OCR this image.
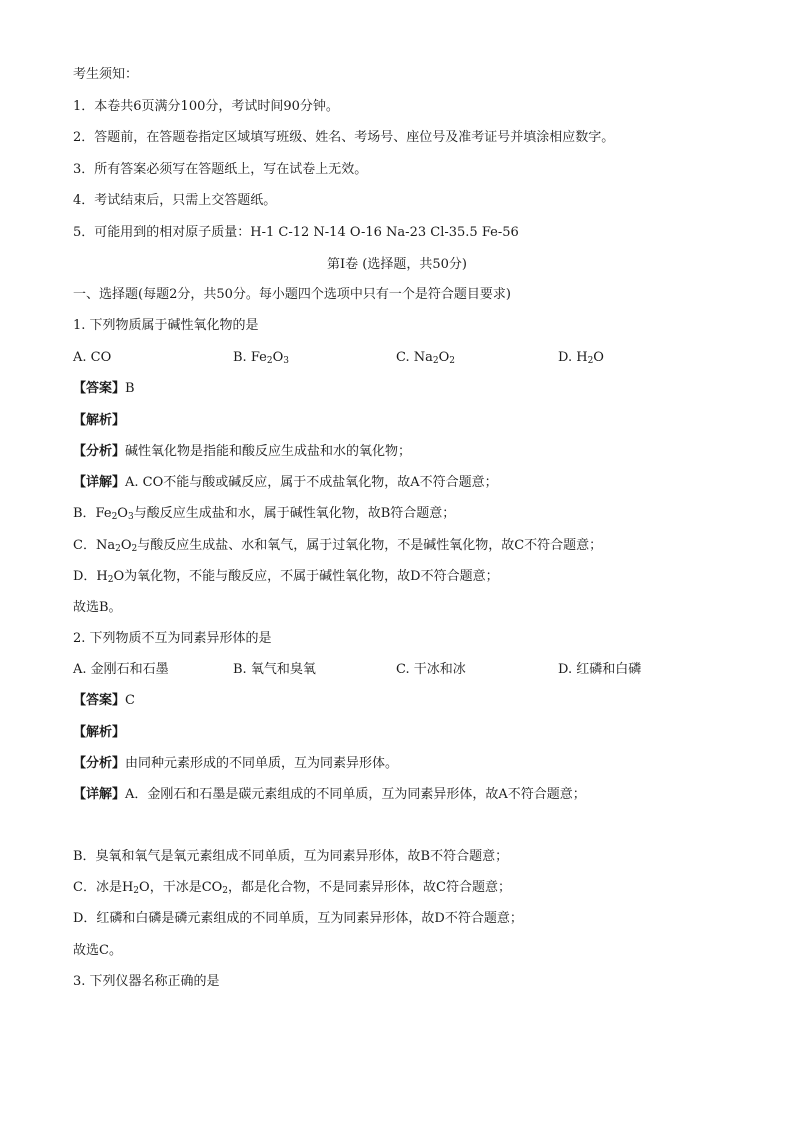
考生须知：
1．本卷共6页满分100分，考试时间90分钟。
2．答题前，在答题卷指定区域填写班级、姓名、考场号、座位号及准考证号并填涂相应数字。
3．所有答案必须写在答题纸上，写在试卷上无效。
4．考试结束后，只需上交答题纸。
5．可能用到的相对原子质量：H-1 C-12 N-14 O-16 Na-23 Cl-35.5 Fe-56
第Ⅰ卷 (选择题，共50分)
一、选择题(每题2分，共50分。每小题四个选项中只有一个是符合题目要求)
1. 下列物质属于碱性氧化物的是
A. CO	B. $Fe_2O_3$	C. $Na_2O_2$	D. $H_2O$
【答案】B
【解析】
【分析】碱性氧化物是指能和酸反应生成盐和水的氧化物；
【详解】A. CO不能与酸或碱反应，属于不成盐氧化物，故A不符合题意；
B．$Fe_2O_3$与酸反应生成盐和水，属于碱性氧化物，故B符合题意；
C．$Na_2O_2$与酸反应生成盐、水和氧气，属于过氧化物，不是碱性氧化物，故C不符合题意；
D．$H_2O$为氧化物，不能与酸反应，不属于碱性氧化物，故D不符合题意；
故选B。
2. 下列物质不互为同素异形体的是
A. 金刚石和石墨	B. 氧气和臭氧	C. 干冰和冰	D. 红磷和白磷
【答案】C
【解析】
【分析】由同种元素形成的不同单质，互为同素异形体。
【详解】A．金刚石和石墨是碳元素组成的不同单质，互为同素异形体，故A不符合题意；
B．臭氧和氧气是氧元素组成不同单质，互为同素异形体，故B不符合题意；
C．冰是$H_2O$，干冰是$CO_2$，都是化合物，不是同素异形体，故C符合题意；
D．红磷和白磷是磷元素组成的不同单质，互为同素异形体，故D不符合题意；
故选C。
3. 下列仪器名称正确的是
